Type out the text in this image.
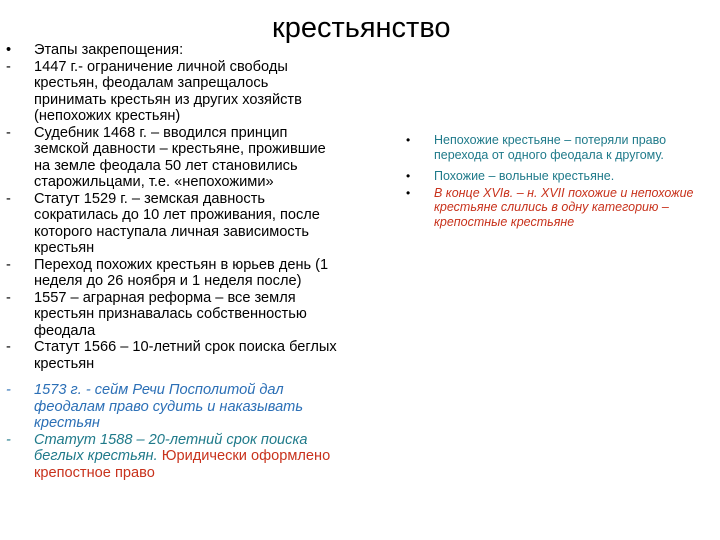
крестьянство

• Этапы закрепощения:

- 1447 г.- ограничение личной свободы крестьян, феодалам запрещалось принимать крестьян из других хозяйств (непохожих крестьян)

- Судебник 1468 г. – вводился принцип земской давности – крестьяне, прожившие на земле феодала 50 лет становились старожильцами, т.е. «непохожими»

- Статут 1529 г. – земская давность сократилась до 10 лет проживания, после которого наступала личная зависимость крестьян

- Переход похожих крестьян в юрьев день (1 неделя до 26 ноября и 1 неделя после)

- 1557 – аграрная реформа – все земля крестьян признавалась собственностью феодала

- Статут 1566 – 10-летний срок поиска беглых крестьян

- 1573 г. - сейм Речи Посполитой дал феодалам право судить и наказывать крестьян

- Статут 1588 – 20-летний срок поиска беглых крестьян. Юридически оформлено крепостное право

• Непохожие крестьяне – потеряли право перехода от одного феодала к другому.

• Похожие – вольные крестьяне.

• В конце XVIв. – н. XVII похожие и непохожие крестьяне слились в одну категорию – крепостные крестьяне
